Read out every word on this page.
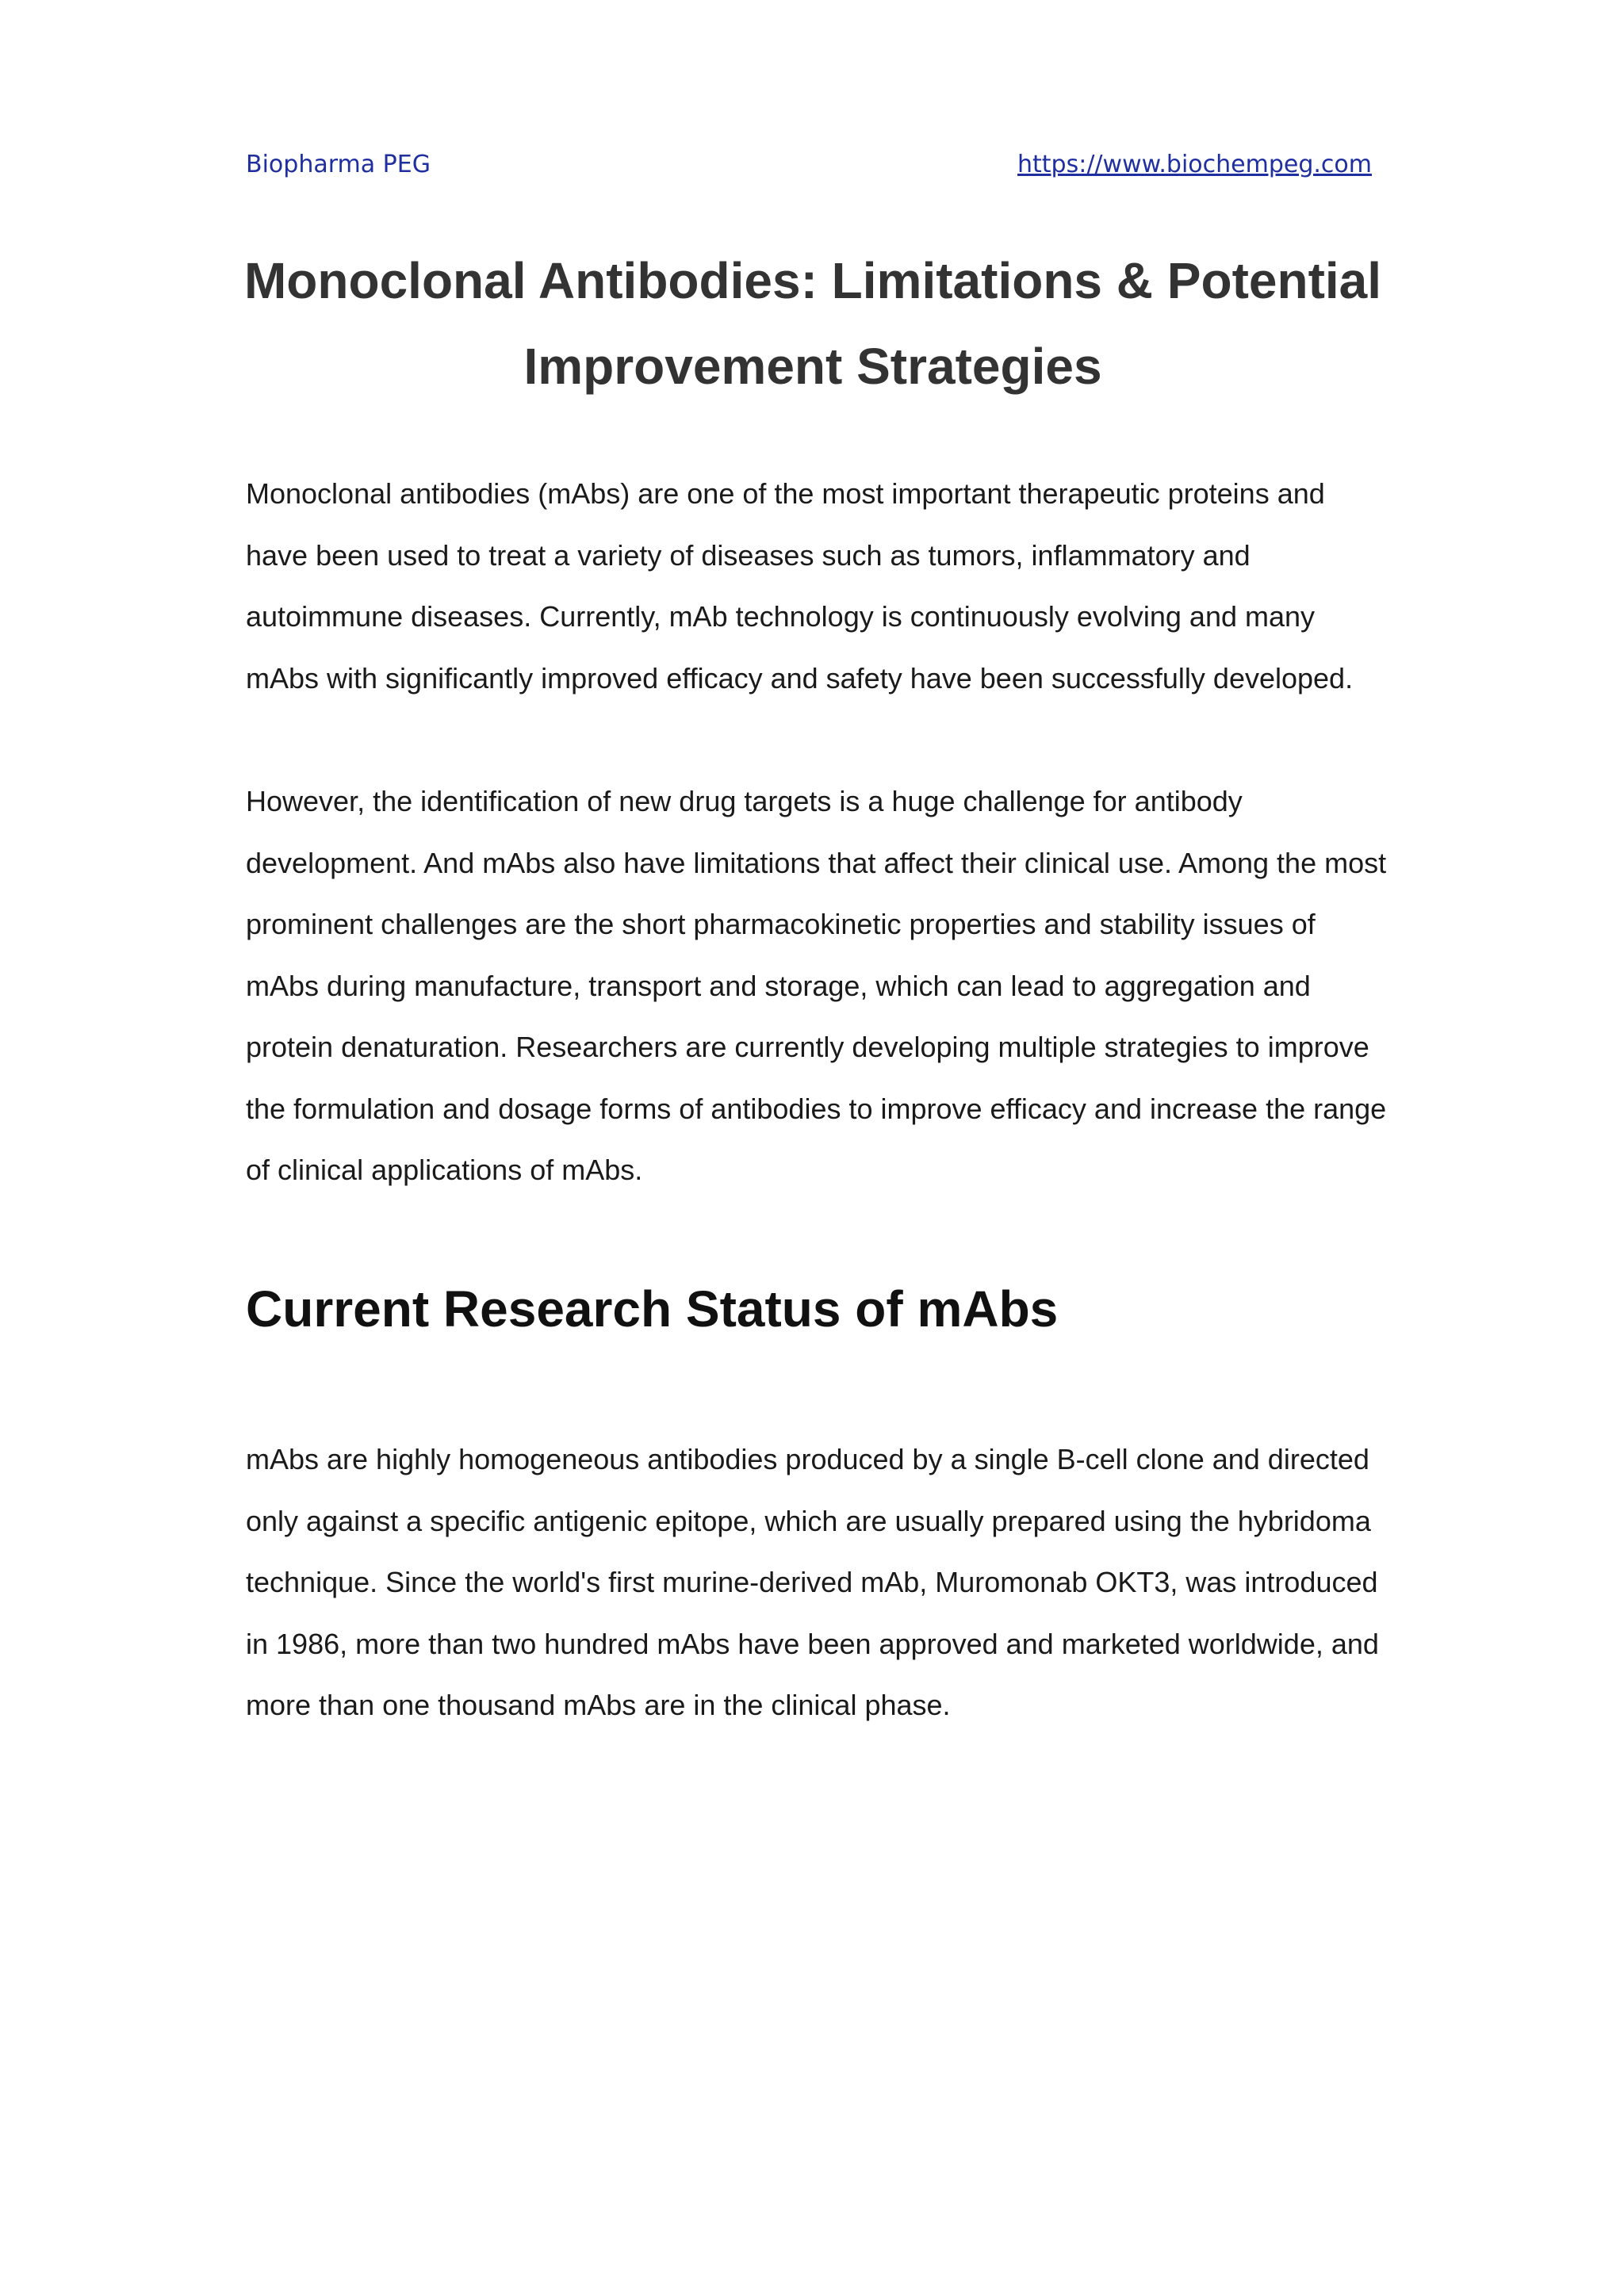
Biopharma PEG	https://www.biochempeg.com
Monoclonal Antibodies: Limitations & Potential Improvement Strategies

Monoclonal antibodies (mAbs) are one of the most important therapeutic proteins and have been used to treat a variety of diseases such as tumors, inflammatory and autoimmune diseases. Currently, mAb technology is continuously evolving and many mAbs with significantly improved efficacy and safety have been successfully developed.

However, the identification of new drug targets is a huge challenge for antibody development. And mAbs also have limitations that affect their clinical use. Among the most prominent challenges are the short pharmacokinetic properties and stability issues of mAbs during manufacture, transport and storage, which can lead to aggregation and protein denaturation. Researchers are currently developing multiple strategies to improve the formulation and dosage forms of antibodies to improve efficacy and increase the range of clinical applications of mAbs.

Current Research Status of mAbs

mAbs are highly homogeneous antibodies produced by a single B-cell clone and directed only against a specific antigenic epitope, which are usually prepared using the hybridoma technique. Since the world's first murine-derived mAb, Muromonab OKT3, was introduced in 1986, more than two hundred mAbs have been approved and marketed worldwide, and more than one thousand mAbs are in the clinical phase.
